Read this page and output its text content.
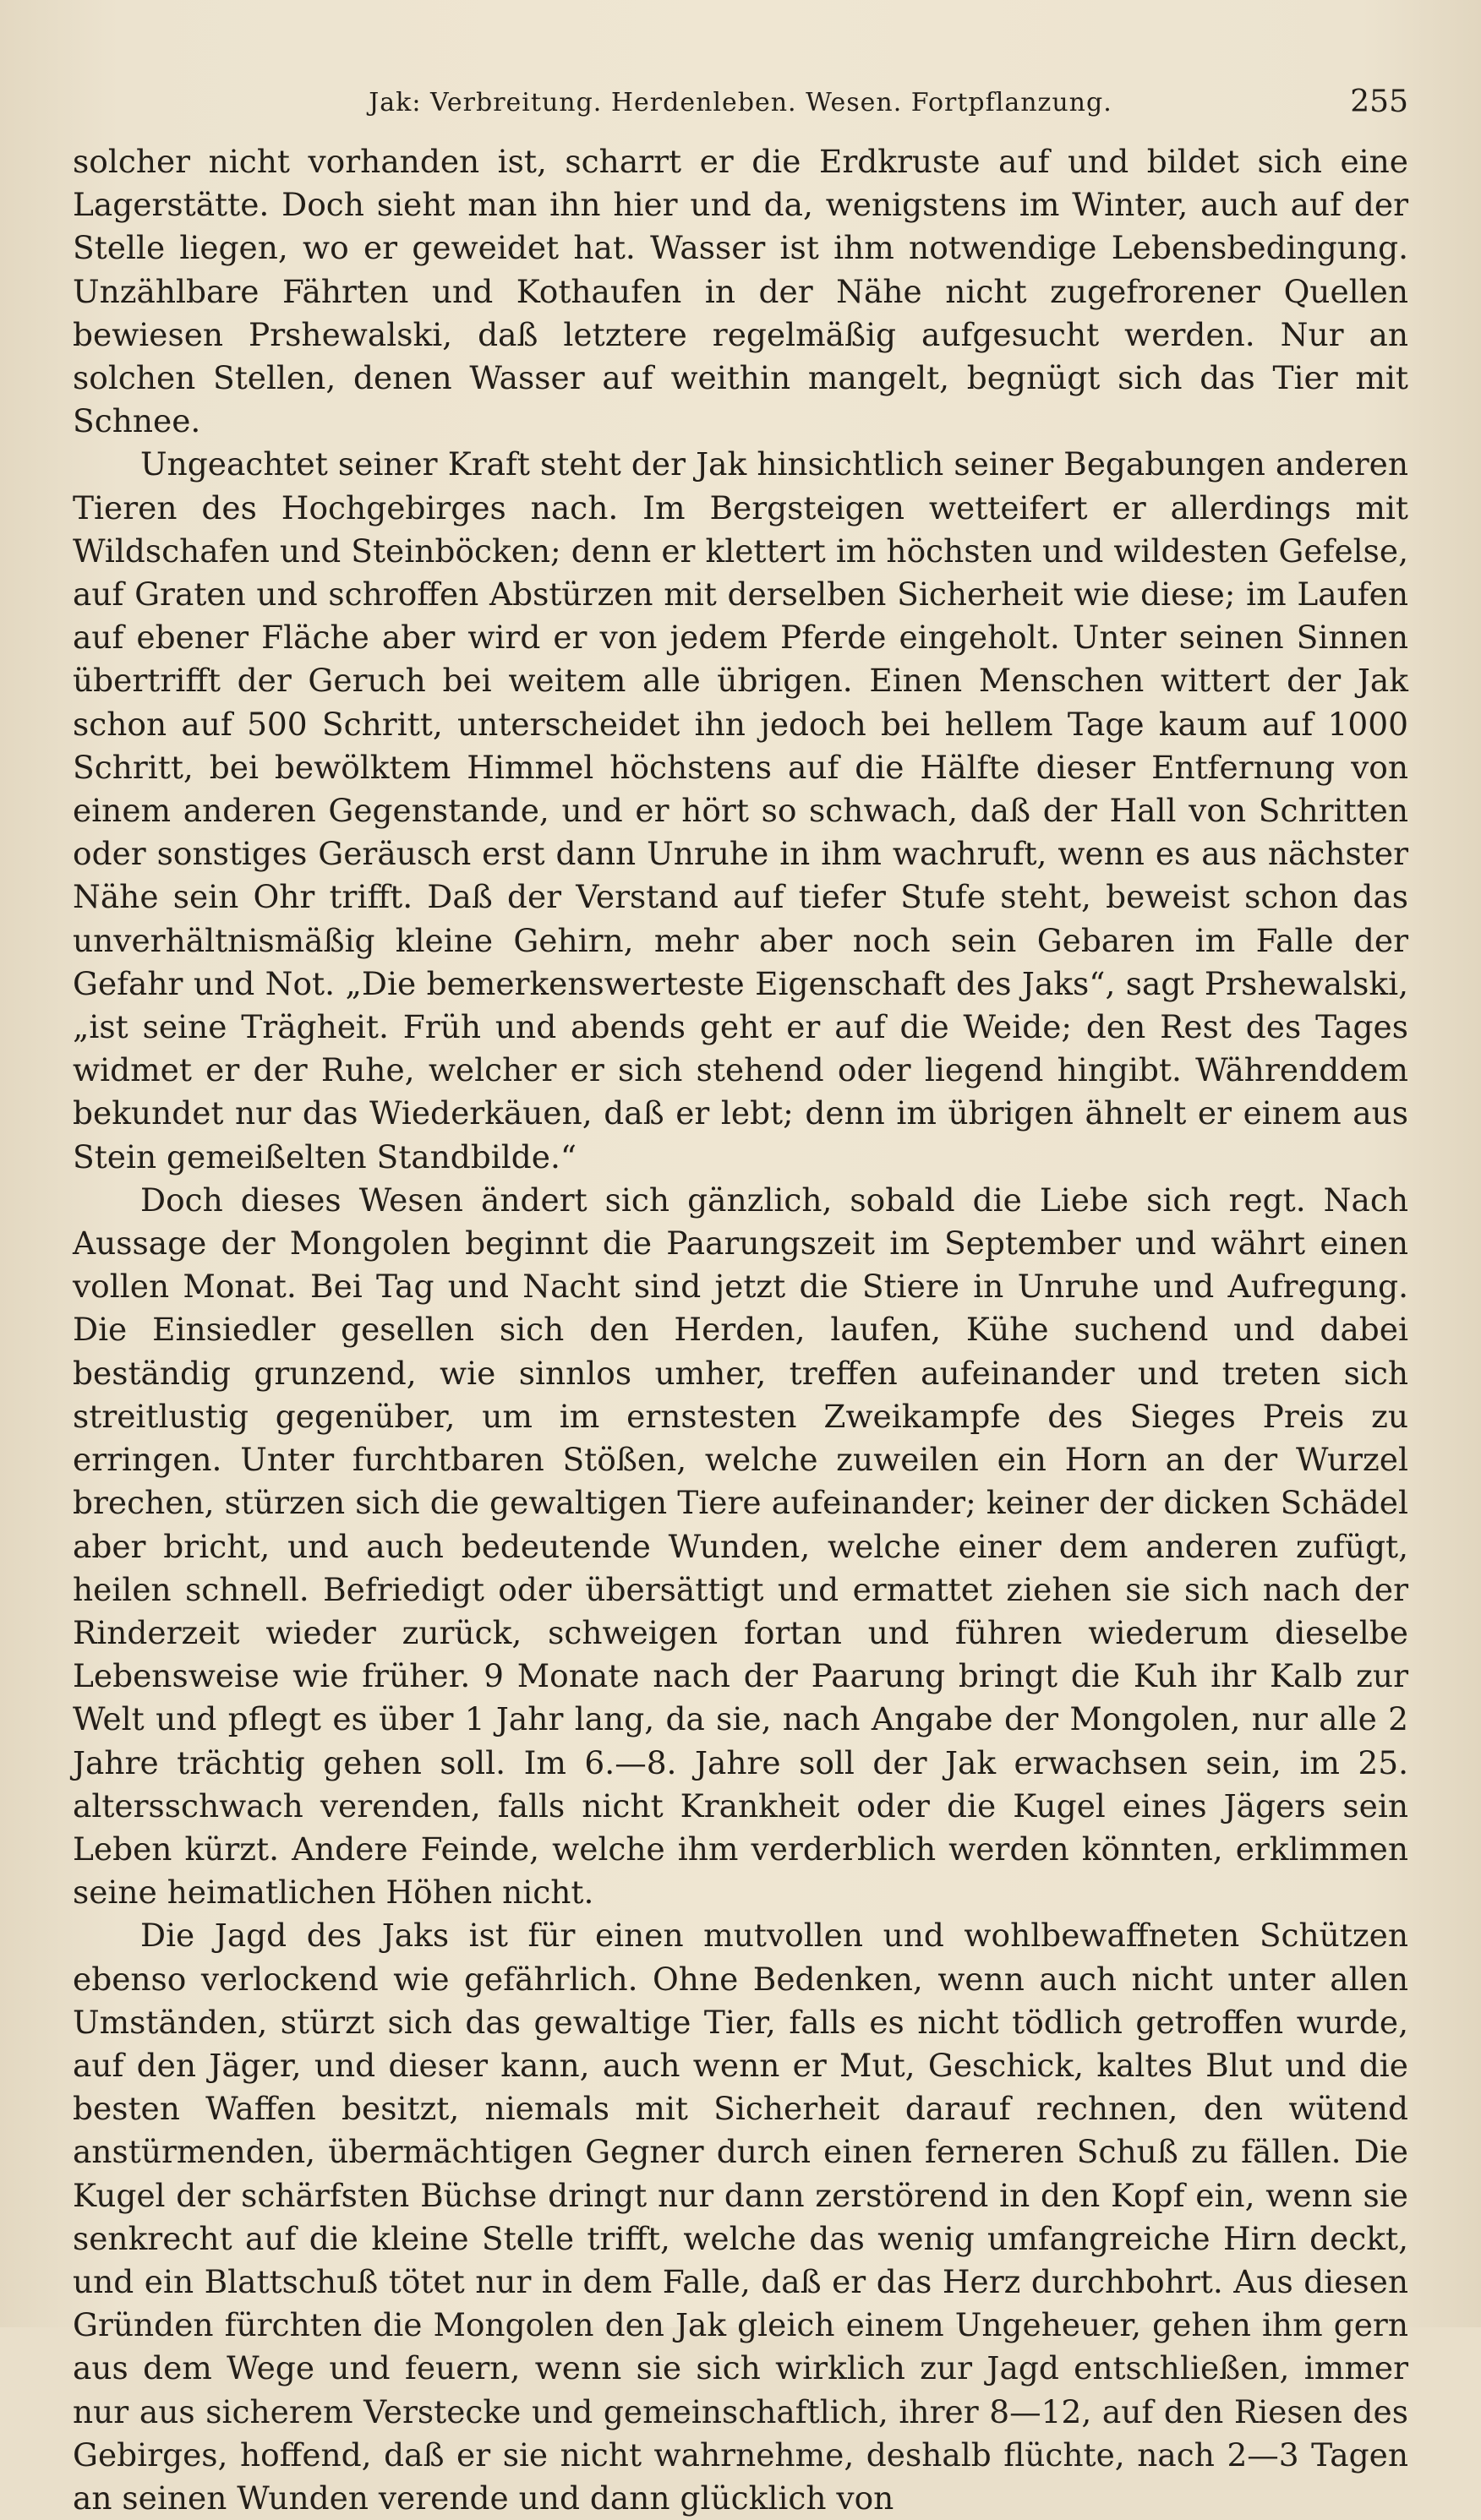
Jak: Verbreitung. Herdenleben. Wesen. Fortpflanzung.	255

solcher nicht vorhanden ist, scharrt er die Erdkruste auf und bildet sich eine Lagerstätte. Doch sieht man ihn hier und da, wenigstens im Winter, auch auf der Stelle liegen, wo er geweidet hat. Wasser ist ihm notwendige Lebensbedingung. Unzählbare Fährten und Kothaufen in der Nähe nicht zugefrorener Quellen bewiesen Prshewalski, daß letztere regelmäßig aufgesucht werden. Nur an solchen Stellen, denen Wasser auf weithin mangelt, begnügt sich das Tier mit Schnee.

Ungeachtet seiner Kraft steht der Jak hinsichtlich seiner Begabungen anderen Tieren des Hochgebirges nach. Im Bergsteigen wetteifert er allerdings mit Wildschafen und Steinböcken; denn er klettert im höchsten und wildesten Gefelse, auf Graten und schroffen Abstürzen mit derselben Sicherheit wie diese; im Laufen auf ebener Fläche aber wird er von jedem Pferde eingeholt. Unter seinen Sinnen übertrifft der Geruch bei weitem alle übrigen. Einen Menschen wittert der Jak schon auf 500 Schritt, unterscheidet ihn jedoch bei hellem Tage kaum auf 1000 Schritt, bei bewölktem Himmel höchstens auf die Hälfte dieser Entfernung von einem anderen Gegenstande, und er hört so schwach, daß der Hall von Schritten oder sonstiges Geräusch erst dann Unruhe in ihm wachruft, wenn es aus nächster Nähe sein Ohr trifft. Daß der Verstand auf tiefer Stufe steht, beweist schon das unverhältnismäßig kleine Gehirn, mehr aber noch sein Gebaren im Falle der Gefahr und Not. „Die bemerkenswerteste Eigenschaft des Jaks“, sagt Prshewalski, „ist seine Trägheit. Früh und abends geht er auf die Weide; den Rest des Tages widmet er der Ruhe, welcher er sich stehend oder liegend hingibt. Währenddem bekundet nur das Wiederkäuen, daß er lebt; denn im übrigen ähnelt er einem aus Stein gemeißelten Standbilde.“

Doch dieses Wesen ändert sich gänzlich, sobald die Liebe sich regt. Nach Aussage der Mongolen beginnt die Paarungszeit im September und währt einen vollen Monat. Bei Tag und Nacht sind jetzt die Stiere in Unruhe und Aufregung. Die Einsiedler gesellen sich den Herden, laufen, Kühe suchend und dabei beständig grunzend, wie sinnlos umher, treffen aufeinander und treten sich streitlustig gegenüber, um im ernstesten Zweikampfe des Sieges Preis zu erringen. Unter furchtbaren Stößen, welche zuweilen ein Horn an der Wurzel brechen, stürzen sich die gewaltigen Tiere aufeinander; keiner der dicken Schädel aber bricht, und auch bedeutende Wunden, welche einer dem anderen zufügt, heilen schnell. Befriedigt oder übersättigt und ermattet ziehen sie sich nach der Rinderzeit wieder zurück, schweigen fortan und führen wiederum dieselbe Lebensweise wie früher. 9 Monate nach der Paarung bringt die Kuh ihr Kalb zur Welt und pflegt es über 1 Jahr lang, da sie, nach Angabe der Mongolen, nur alle 2 Jahre trächtig gehen soll. Im 6.—8. Jahre soll der Jak erwachsen sein, im 25. altersschwach verenden, falls nicht Krankheit oder die Kugel eines Jägers sein Leben kürzt. Andere Feinde, welche ihm verderblich werden könnten, erklimmen seine heimatlichen Höhen nicht.

Die Jagd des Jaks ist für einen mutvollen und wohlbewaffneten Schützen ebenso verlockend wie gefährlich. Ohne Bedenken, wenn auch nicht unter allen Umständen, stürzt sich das gewaltige Tier, falls es nicht tödlich getroffen wurde, auf den Jäger, und dieser kann, auch wenn er Mut, Geschick, kaltes Blut und die besten Waffen besitzt, niemals mit Sicherheit darauf rechnen, den wütend anstürmenden, übermächtigen Gegner durch einen ferneren Schuß zu fällen. Die Kugel der schärfsten Büchse dringt nur dann zerstörend in den Kopf ein, wenn sie senkrecht auf die kleine Stelle trifft, welche das wenig umfangreiche Hirn deckt, und ein Blattschuß tötet nur in dem Falle, daß er das Herz durchbohrt. Aus diesen Gründen fürchten die Mongolen den Jak gleich einem Ungeheuer, gehen ihm gern aus dem Wege und feuern, wenn sie sich wirklich zur Jagd entschließen, immer nur aus sicherem Verstecke und gemeinschaftlich, ihrer 8—12, auf den Riesen des Gebirges, hoffend, daß er sie nicht wahrnehme, deshalb flüchte, nach 2—3 Tagen an seinen Wunden verende und dann glücklich von
